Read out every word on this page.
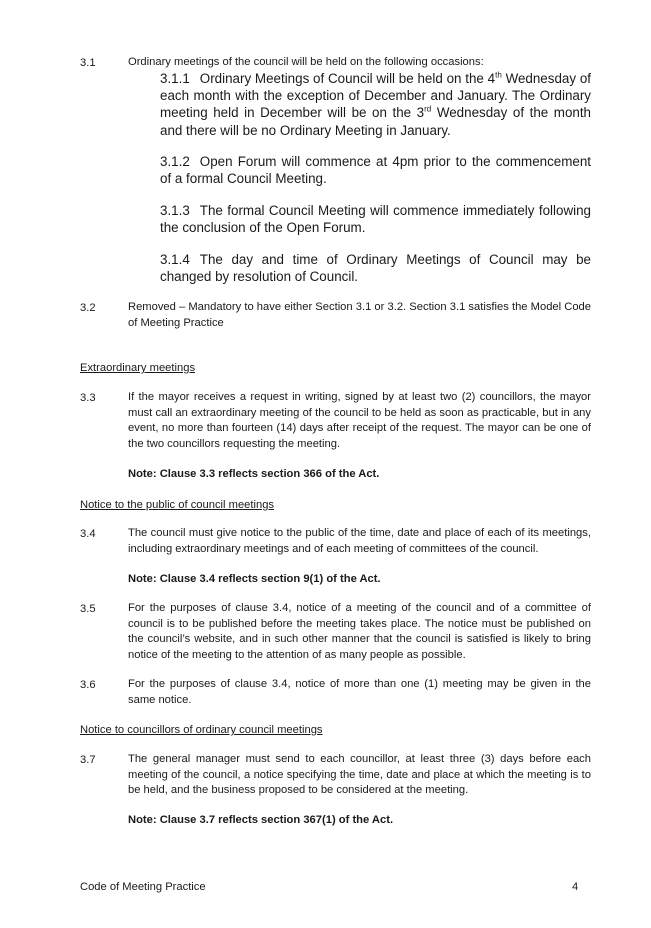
3.1	Ordinary meetings of the council will be held on the following occasions:

3.1.1 Ordinary Meetings of Council will be held on the 4th Wednesday of each month with the exception of December and January. The Ordinary meeting held in December will be on the 3rd Wednesday of the month and there will be no Ordinary Meeting in January.

3.1.2 Open Forum will commence at 4pm prior to the commencement of a formal Council Meeting.

3.1.3 The formal Council Meeting will commence immediately following the conclusion of the Open Forum.

3.1.4 The day and time of Ordinary Meetings of Council may be changed by resolution of Council.

3.2	Removed – Mandatory to have either Section 3.1 or 3.2. Section 3.1 satisfies the Model Code of Meeting Practice

Extraordinary meetings

3.3	If the mayor receives a request in writing, signed by at least two (2) councillors, the mayor must call an extraordinary meeting of the council to be held as soon as practicable, but in any event, no more than fourteen (14) days after receipt of the request. The mayor can be one of the two councillors requesting the meeting.

Note: Clause 3.3 reflects section 366 of the Act.

Notice to the public of council meetings

3.4	The council must give notice to the public of the time, date and place of each of its meetings, including extraordinary meetings and of each meeting of committees of the council.

Note: Clause 3.4 reflects section 9(1) of the Act.

3.5	For the purposes of clause 3.4, notice of a meeting of the council and of a committee of council is to be published before the meeting takes place. The notice must be published on the council’s website, and in such other manner that the council is satisfied is likely to bring notice of the meeting to the attention of as many people as possible.

3.6	For the purposes of clause 3.4, notice of more than one (1) meeting may be given in the same notice.

Notice to councillors of ordinary council meetings

3.7	The general manager must send to each councillor, at least three (3) days before each meeting of the council, a notice specifying the time, date and place at which the meeting is to be held, and the business proposed to be considered at the meeting.

Note: Clause 3.7 reflects section 367(1) of the Act.

Code of Meeting Practice	4
